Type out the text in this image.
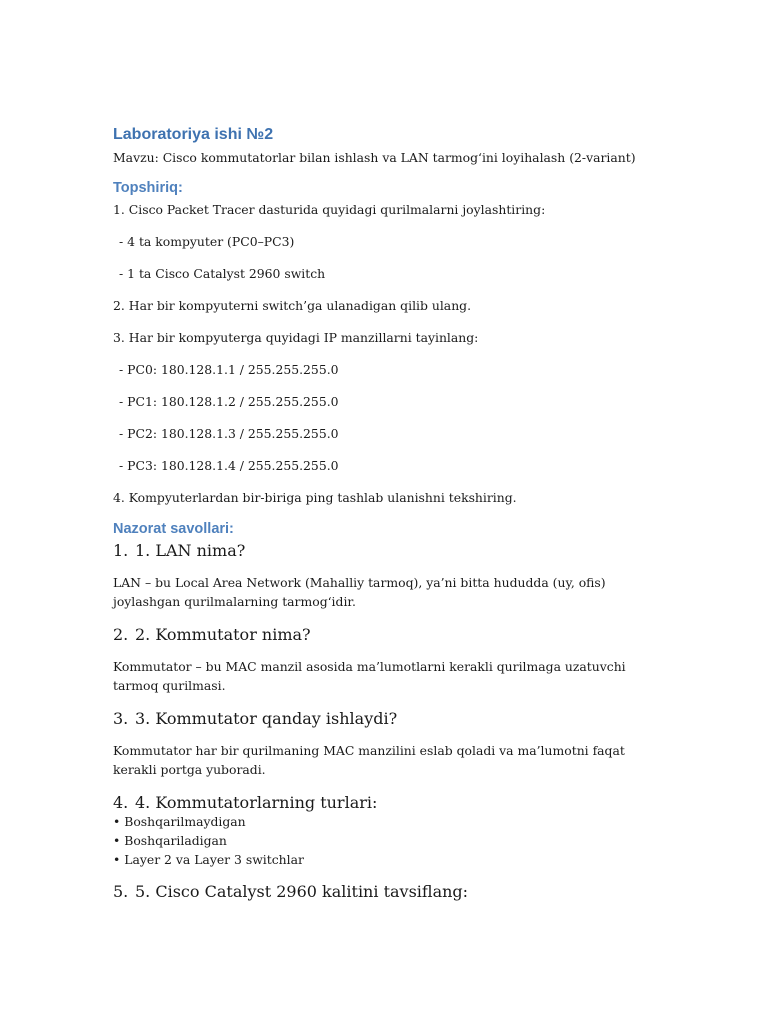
Laboratoriya ishi №2

Mavzu: Cisco kommutatorlar bilan ishlash va LAN tarmog‘ini loyihalash (2-variant)

Topshiriq:

1. Cisco Packet Tracer dasturida quyidagi qurilmalarni joylashtiring:

- 4 ta kompyuter (PC0–PC3)

- 1 ta Cisco Catalyst 2960 switch

2. Har bir kompyuterni switch’ga ulanadigan qilib ulang.

3. Har bir kompyuterga quyidagi IP manzillarni tayinlang:

- PC0: 180.128.1.1 / 255.255.255.0

- PC1: 180.128.1.2 / 255.255.255.0

- PC2: 180.128.1.3 / 255.255.255.0

- PC3: 180.128.1.4 / 255.255.255.0

4. Kompyuterlardan bir-biriga ping tashlab ulanishni tekshiring.

Nazorat savollari:
1. 1. LAN nima?

LAN – bu Local Area Network (Mahalliy tarmoq), ya’ni bitta hududda (uy, ofis) joylashgan qurilmalarning tarmog‘idir.

2. 2. Kommutator nima?

Kommutator – bu MAC manzil asosida ma’lumotlarni kerakli qurilmaga uzatuvchi tarmoq qurilmasi.

3. 3. Kommutator qanday ishlaydi?

Kommutator har bir qurilmaning MAC manzilini eslab qoladi va ma’lumotni faqat kerakli portga yuboradi.

4. 4. Kommutatorlarning turlari:
• Boshqarilmaydigan
• Boshqariladigan
• Layer 2 va Layer 3 switchlar
5. 5. Cisco Catalyst 2960 kalitini tavsiflang:
